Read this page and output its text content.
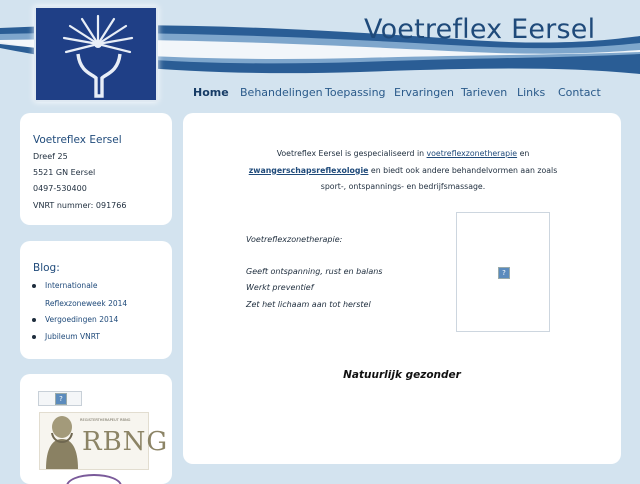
Voetreflex Eersel
Home Behandelingen Toepassing Ervaringen Tarieven Links Contact
Voetreflex Eersel
Dreef 25
5521 GN Eersel
0497-530400
VNRT nummer: 091766
Blog:
Internationale
Reflexzoneweek 2014
Vergoedingen 2014
Jubileum VNRT
?
REGISTERTHERAPEUT RBNG
RBNG
Voetreflex Eersel is gespecialiseerd in voetreflexzonetherapie en
zwangerschapsreflexologie en biedt ook andere behandelvormen aan zoals sport-, ontspannings- en bedrijfsmassage.
Voetreflexzonetherapie:
Geeft ontspanning, rust en balans
Werkt preventief
Zet het lichaam aan tot herstel
?
Natuurlijk gezonder
